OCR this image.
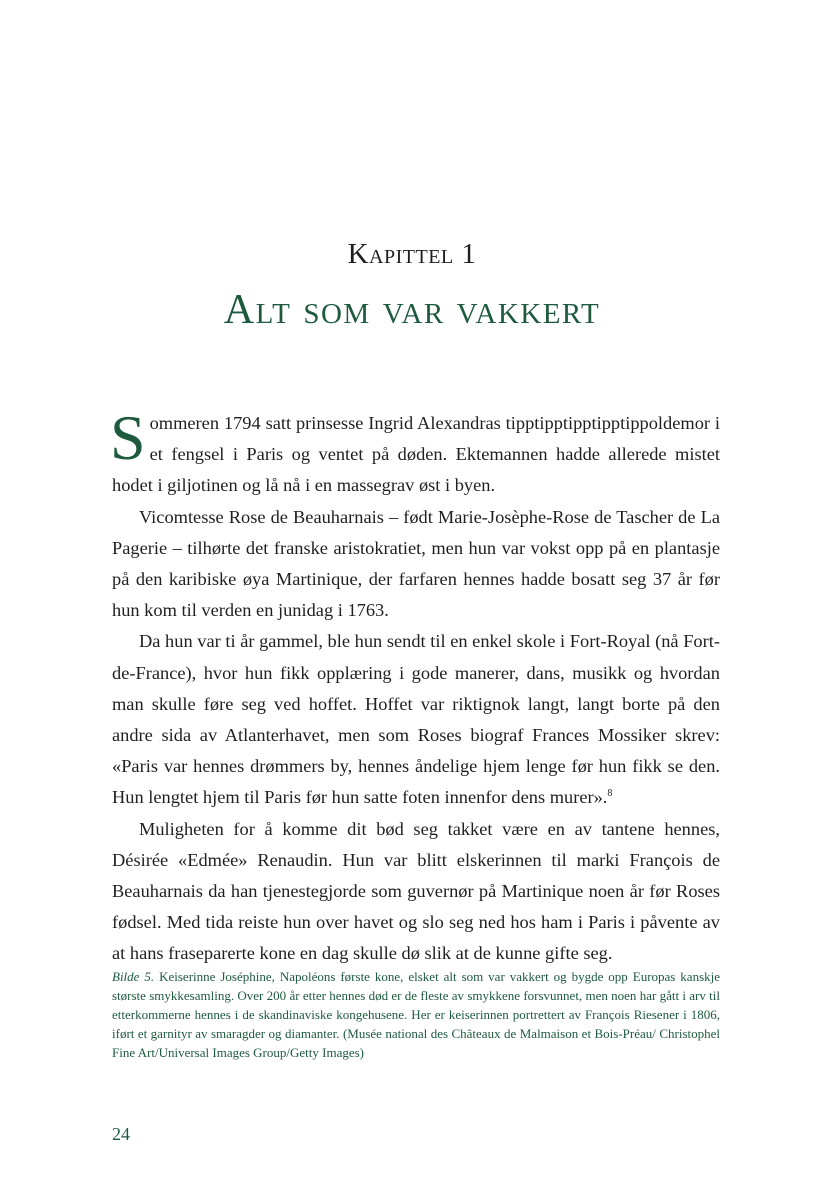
Kapittel 1
Alt som var vakkert

Sommeren 1794 satt prinsesse Ingrid Alexandras tipptipptipptipptippoldemor i et fengsel i Paris og ventet på døden. Ektemannen hadde allerede mistet hodet i giljotinen og lå nå i en massegrav øst i byen.

Vicomtesse Rose de Beauharnais – født Marie-Josèphe-Rose de Tascher de La Pagerie – tilhørte det franske aristokratiet, men hun var vokst opp på en plantasje på den karibiske øya Martinique, der farfaren hennes hadde bosatt seg 37 år før hun kom til verden en junidag i 1763.

Da hun var ti år gammel, ble hun sendt til en enkel skole i Fort-Royal (nå Fort-de-France), hvor hun fikk opplæring i gode manerer, dans, musikk og hvordan man skulle føre seg ved hoffet. Hoffet var riktignok langt, langt borte på den andre sida av Atlanterhavet, men som Roses biograf Frances Mossiker skrev: «Paris var hennes drømmers by, hennes åndelige hjem lenge før hun fikk se den. Hun lengtet hjem til Paris før hun satte foten innenfor dens murer».$^8$

Muligheten for å komme dit bød seg takket være en av tantene hennes, Désirée «Edmée» Renaudin. Hun var blitt elskerinnen til marki François de Beauharnais da han tjenestegjorde som guvernør på Martinique noen år før Roses fødsel. Med tida reiste hun over havet og slo seg ned hos ham i Paris i påvente av at hans fraseparerte kone en dag skulle dø slik at de kunne gifte seg.

Bilde 5. Keiserinne Joséphine, Napoléons første kone, elsket alt som var vakkert og bygde opp Europas kanskje største smykkesamling. Over 200 år etter hennes død er de fleste av smykkene forsvunnet, men noen har gått i arv til etterkommerne hennes i de skandinaviske kongehusene. Her er keiserinnen portrettert av François Riesener i 1806, iført et garnityr av smaragder og diamanter. (Musée national des Châteaux de Malmaison et Bois-Préau/ Christophel Fine Art/Universal Images Group/Getty Images)

24
